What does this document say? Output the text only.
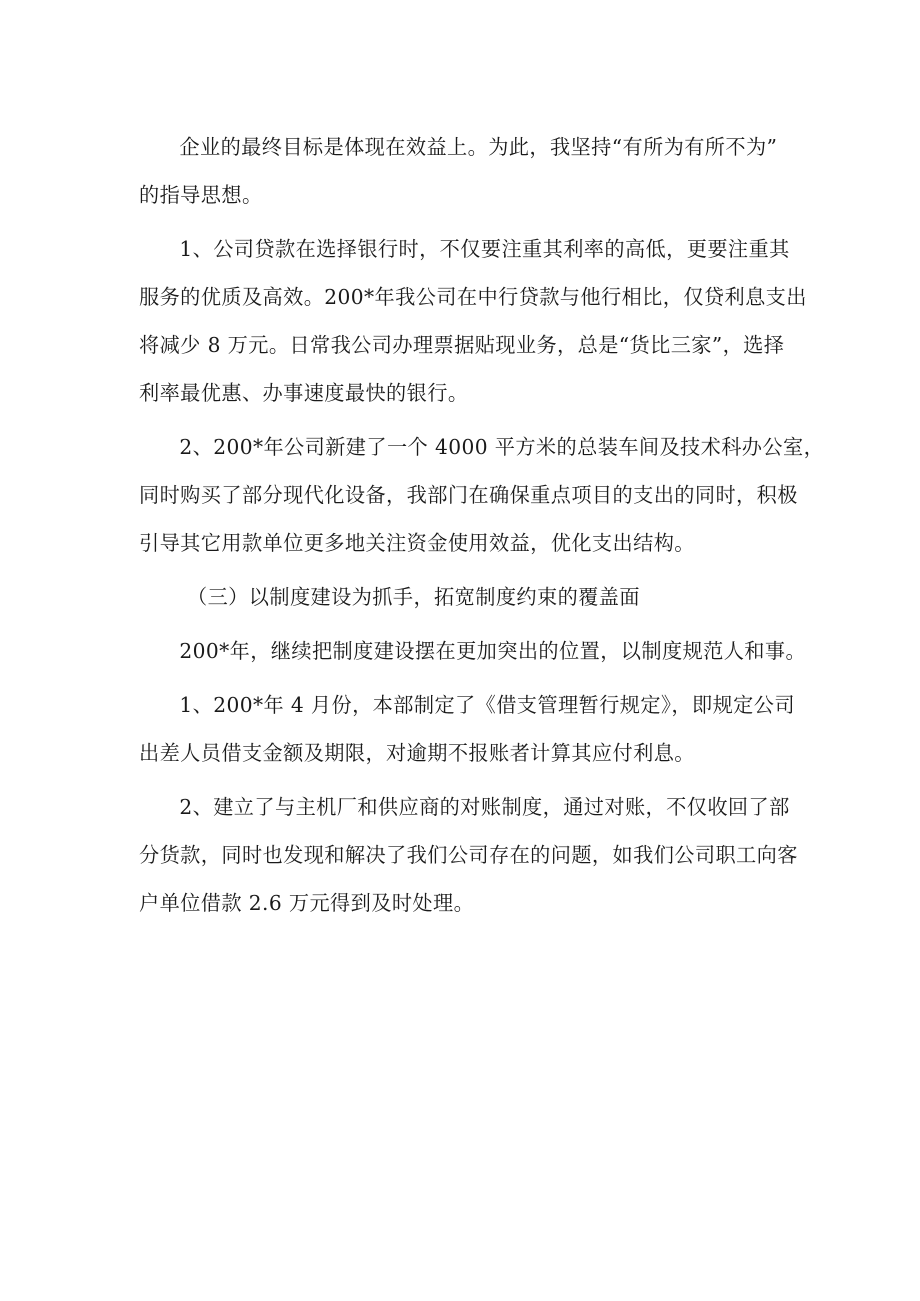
企业的最终目标是体现在效益上。为此，我坚持“有所为有所不为”
的指导思想。

1、公司贷款在选择银行时，不仅要注重其利率的高低，更要注重其
服务的优质及高效。200*年我公司在中行贷款与他行相比，仅贷利息支出
将减少 8 万元。日常我公司办理票据贴现业务，总是“货比三家”，选择
利率最优惠、办事速度最快的银行。

2、200*年公司新建了一个 4000 平方米的总装车间及技术科办公室，
同时购买了部分现代化设备，我部门在确保重点项目的支出的同时，积极
引导其它用款单位更多地关注资金使用效益，优化支出结构。

（三）以制度建设为抓手，拓宽制度约束的覆盖面

200*年，继续把制度建设摆在更加突出的位置，以制度规范人和事。

1、200*年 4 月份，本部制定了《借支管理暂行规定》，即规定公司
出差人员借支金额及期限，对逾期不报账者计算其应付利息。

2、建立了与主机厂和供应商的对账制度，通过对账，不仅收回了部
分货款，同时也发现和解决了我们公司存在的问题，如我们公司职工向客
户单位借款 2.6 万元得到及时处理。
